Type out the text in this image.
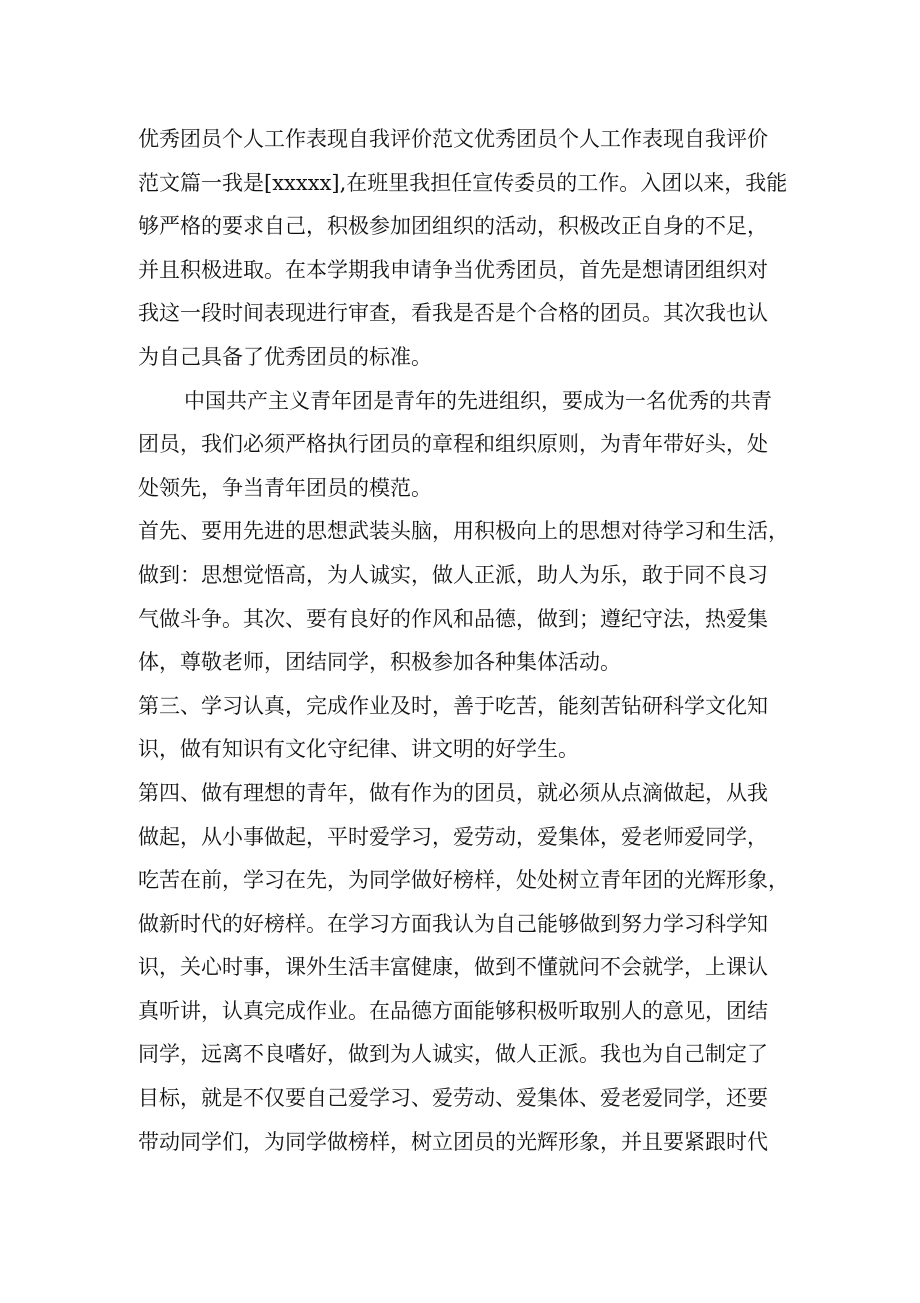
优秀团员个人工作表现自我评价范文优秀团员个人工作表现自我评价
范文篇一我是[xxxxx],在班里我担任宣传委员的工作。入团以来，我能
够严格的要求自己，积极参加团组织的活动，积极改正自身的不足，
并且积极进取。在本学期我申请争当优秀团员，首先是想请团组织对
我这一段时间表现进行审查，看我是否是个合格的团员。其次我也认
为自己具备了优秀团员的标准。
中国共产主义青年团是青年的先进组织，要成为一名优秀的共青
团员，我们必须严格执行团员的章程和组织原则，为青年带好头，处
处领先，争当青年团员的模范。
首先、要用先进的思想武装头脑，用积极向上的思想对待学习和生活，
做到：思想觉悟高，为人诚实，做人正派，助人为乐，敢于同不良习
气做斗争。其次、要有良好的作风和品德，做到；遵纪守法，热爱集
体，尊敬老师，团结同学，积极参加各种集体活动。
第三、学习认真，完成作业及时，善于吃苦，能刻苦钻研科学文化知
识，做有知识有文化守纪律、讲文明的好学生。
第四、做有理想的青年，做有作为的团员，就必须从点滴做起，从我
做起，从小事做起，平时爱学习，爱劳动，爱集体，爱老师爱同学，
吃苦在前，学习在先，为同学做好榜样，处处树立青年团的光辉形象，
做新时代的好榜样。在学习方面我认为自己能够做到努力学习科学知
识，关心时事，课外生活丰富健康，做到不懂就问不会就学，上课认
真听讲，认真完成作业。在品德方面能够积极听取别人的意见，团结
同学，远离不良嗜好，做到为人诚实，做人正派。我也为自己制定了
目标，就是不仅要自己爱学习、爱劳动、爱集体、爱老爱同学，还要
带动同学们，为同学做榜样，树立团员的光辉形象，并且要紧跟时代
